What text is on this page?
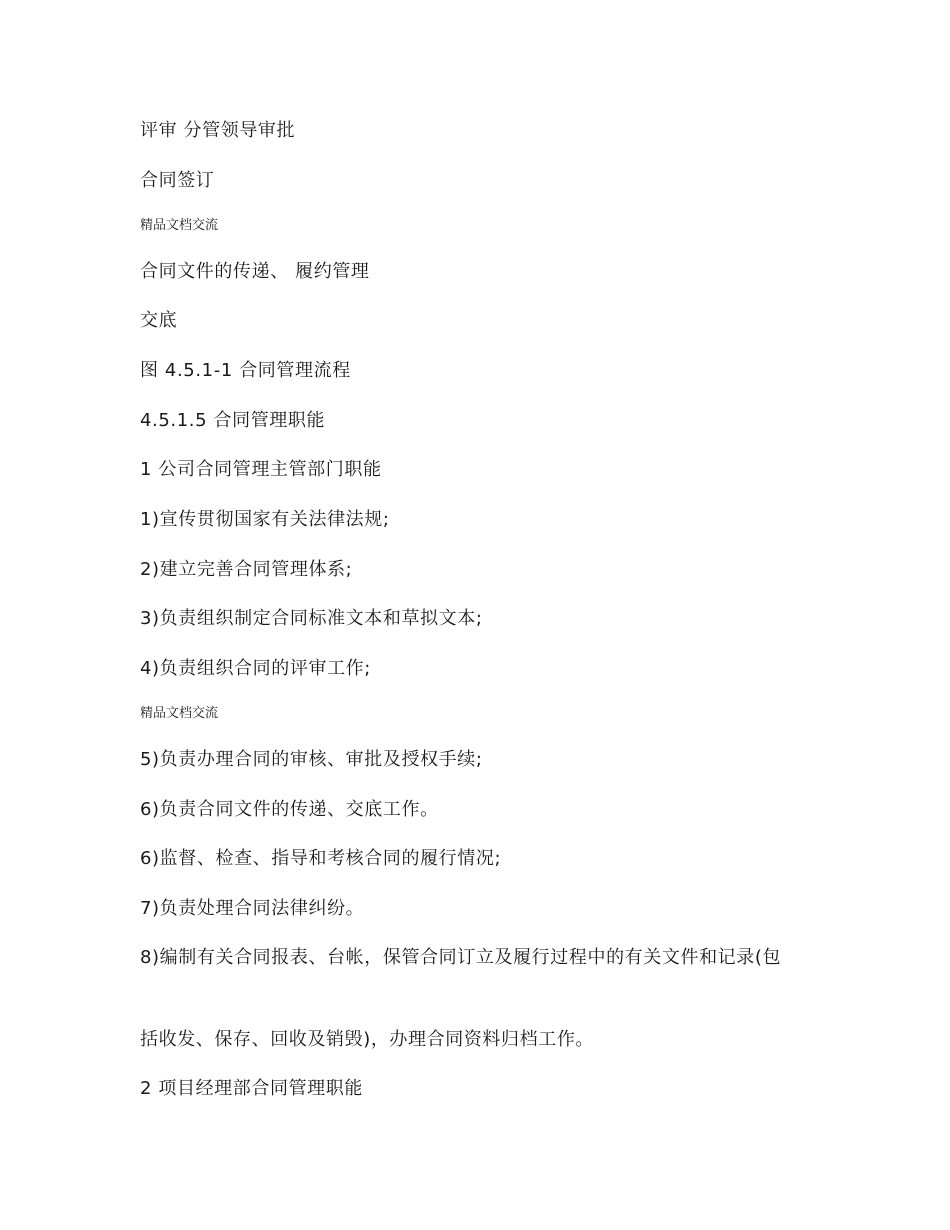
评审 分管领导审批
合同签订
精品文档交流
合同文件的传递、 履约管理
交底
图 4.5.1-1 合同管理流程
4.5.1.5 合同管理职能
1 公司合同管理主管部门职能
1)宣传贯彻国家有关法律法规;
2)建立完善合同管理体系;
3)负责组织制定合同标准文本和草拟文本;
4)负责组织合同的评审工作;
精品文档交流
5)负责办理合同的审核、审批及授权手续;
6)负责合同文件的传递、交底工作。
6)监督、检查、指导和考核合同的履行情况;
7)负责处理合同法律纠纷。
8)编制有关合同报表、台帐，保管合同订立及履行过程中的有关文件和记录(包
括收发、保存、回收及销毁)，办理合同资料归档工作。
2 项目经理部合同管理职能
